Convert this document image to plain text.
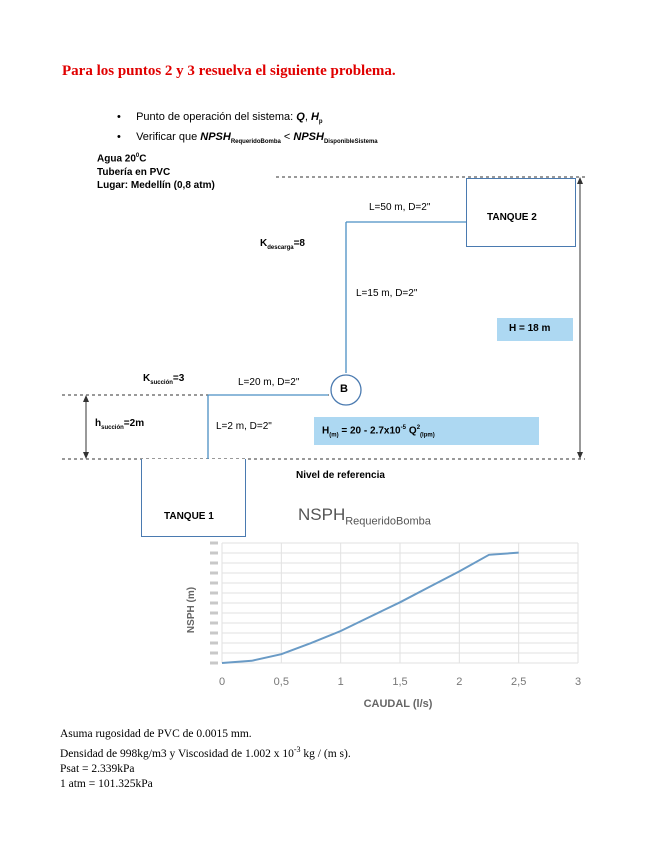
Para los puntos 2 y 3 resuelva el siguiente problema.
• Punto de operación del sistema: Q, $H_p$
• Verificar que $NPSH_{RequeridoBomba}$ < $NPSH_{DisponibleSistema}$
Agua $20^0C$
Tubería en PVC
Lugar: Medellín (0,8 atm)
B
TANQUE 2
TANQUE 1
L=50 m, D=2"
L=15 m, D=2"
L=20 m, D=2"
L=2 m, D=2"
$K_{descarga}=8$
$K_{succión}=3$
$h_{succión}=2m$
H = 18 m
$H_{(m)} = 20 - 2.7x10^{-5}$ $Q^2_{(lpm)}$
Nivel de referencia
$NSPH_{RequeridoBomba}$
0	0,5	1	1,5	2	2,5	3
CAUDAL (l/s)
NSPH (m)
Asuma rugosidad de PVC de 0.0015 mm.
Densidad de 998kg/m3 y Viscosidad de 1.002 x $10^{-3}$ kg / (m s).
Psat = 2.339kPa
1 atm = 101.325kPa
